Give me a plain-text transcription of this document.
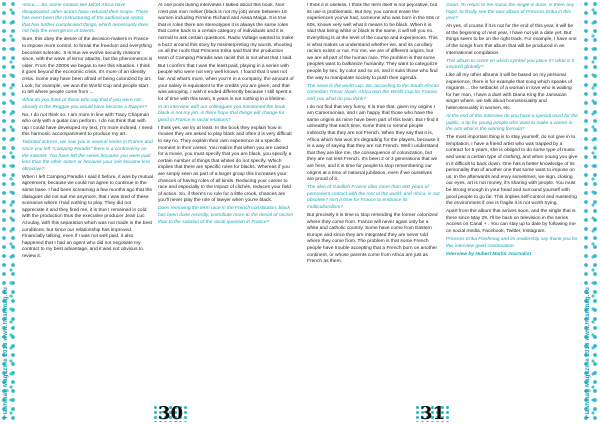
Flashmag Magazine 2018 www.flashmag.eu	Flashmag Magazine 2018 www.flashmag.eu

Africa ... So, some medias like MCM Africa have disappeared, other actors have reduced their scope. There has even been the restructuring of the audiovisual sector that has further complicated things, which necessarily does not help the emergence of talents.

Sure, this obey the desire of the decision-makers in France to impose more control, to break the freedom and everything becomes sclerotic. It is true we evolve security reasons since, with the wave of terror attacks, but the phenomenon is older. From the 2000s we began to see this situation. I think it goes beyond the economic crisis, it's more of an identity crisis. Some may have been afraid of being colonized by art. Look, for example, we won the World Cup and people start to tell where people come from ...

What do you think of those who say that if you were not already in the Reggae you would have become a Rapper?

No, I do not think so. I am more in line with Tracy Chapman who only with a guitar can perform. I do not think that with rap I could have developed my text, I'm more inclined. I need this harmonic accompaniment to produce my art.

Talented actress, we saw you in several series in France and since you left "Camping Paradis" there is a controversy on the internet. You have left the series because you were paid less than the other actors or because your role became less attractive?

When I left Camping Paradis I said it before, it was by mutual agreement, because we could not agree to continue in the same base. I had been screaming a few months ago that the dialogues did not suit me anymore, that I was tired of these scenarios where I had nothing to play. They did not appreciate it and they fired me, it is true I remained in cold with the production thus the executive producer Jean Luc Azoulay, with this separation which was not made in the best conditions, but since our relationship has improved. Financially talking, even if I was not well paid, it also happened that I had an agent who did not negotiate my contract to my best advantage, and it was not obvious to review it.

At one point during interviews I talked about this book. Noir n'est pas mon métier (black is not my job) wrote between 16 women including Firmine Richard and Aissa Maiga. It is true that in roles there are stereotypes it is always the same roles that come back to a certain category of individuals and it is normal to ask certain questions. Radio Voltage wanted to make a buzz around this story by misinterpreting my words, shooting on all the roofs that Princess Erika said that the production team of Camping Paradis was racist this is not what that I said.

But I confirm that I was the least paid, playing in a series with people who were not very well known, I found that it was not fair. And what's more, when you're in a company, the amount of your salary is equivalent to the credits you are given, and that was annoying. I wish it ended differently because I still spent a lot of time with this team, 6 years is not nothing in a lifetime.

In an interview with our colleagues you mentioned the book black is not my job, is there hope that things will change for good in France in racial relations?

I think yes, we try at least. In the book they explain how in movies they are asked to play black and often it is very difficult to say no. They explain their own experience at a specific moment in their career. You realize that when you are casted for a movie, you must specify that you are black, you specify a certain number of things that whites do not specify. Which implies that there are specific roles for blacks. Whereas if you are simply seen as part of a larger group this increases your chances of having roles of all kinds. Reducing your career to race and especially to the impact of clichés, reduces your field of action. So, if there's no role for a little crook, chances are you'll never play the role of lawyer when you're black.

Does removing the term race in the French constitution, black has been done recently, contribute more to the denial of racism than to the solution of the racial question in France?

I think it is useless. I think the term itself is not pejorative, but its use is problematic. But hey, you cannot erase the experiences you've had, someone who was born in the 50s or 60s, knows very well what it means to be black. When it is said that being white or black is the same, it will tell you no. Everything is at the level of the course and experiences. This is what makes us understand whether we, and its corollary racism exists or not. For me, we are of different origins, but we are all part of the human race. The problem is that some peoples want to balkanize humanity. They want to categorize people by sex, by color and so on, and it suits those who find the way to manipulate society to push their agenda.

The news is the world cup. So, according to the South African comedian Trevor Noah, Africa won the World Cup for France, and you what do you think?

I do not find that very funny. It is true that, given my origins I am Cameroonian, and I am happy that those who have the same origins as mine have been part of this team. But I find it unhealthy that each time, some think to remind people indirectly that they are not French. When they say that it is, Africa which has won it's degrading for the players, because it is a way of saying that they are not French. Well I understand that they are like me, the consequence of colonization, but they are not less French. It's been 2 or 3 generations that we are here, and it is time for people to stop remembering our origins at a time of national jubilation, even if we ourselves are proud of it.

The idea of Gaullish France after more than 400 years of permanent contact with the rest of the world, and Africa, is not obsolete? Isn't it time for France to embrace its multiculturalism?

But precisely it is time to stop reminding the former colonized where they come from. France will never again only be a white and catholic country. Some have come from Eastern Europe and since they are integrated they are never told where they come from. The problem is that some French people have trouble accepting that a French born on another continent, or whose parents come from Africa are just as French as them.

Good. To return to the music the single is done, is there any hope, to finally see the new album of Princess Erika in this year?

Ah yes, of course if it is not for the end of this year, it will be at the beginning of next year, I have not yet a date yet. But things seem to be on the right track. For example, I have one of the songs from this album that will be produced in an international compilation.

This album to come on which symbol you place it? what is it inspired globally?

Like all my other albums it will be based on my personal experience, there is for example that song which speaks of migrants ... the setbacks of a woman in love who is waiting for her man, I have a duet with Diana King the Jamaican singer where, we talk about homosexuality and heterosexuality in women, etc.

At the end of this interview do you have a special word for the public, a tip for young people who want to make a career in the arts what is the winning formula?

The most important thing is to stay yourself, do not give in to temptation, I have a friend artist who was trapped by a contract for 5 years, she is obliged to do some type of music and wear a certain type of clothing, and when young you give in it difficult to back down. One has a better knowledge of its personality that of another one that some want to impose on us. In the afterwards and envy sometimes, we sign, closing our eyes, art is not money, it's sharing with people. You must be strong enough in your head and surround yourself with good people to go far. This implies self-control and mastering the environment if one is fragile it is not worth trying.

Apart from the album that arrives soon, and the single that is there since May 29, I'll be back on television in the series Access on Canal + . You can stay up to date by following me on social media, Facebook, Twitter, Instagram.

Princess Erika Flashmag and its readership say thank you for this interview good continuation.

Interview by Hubert Marlin Journalist

30	31
